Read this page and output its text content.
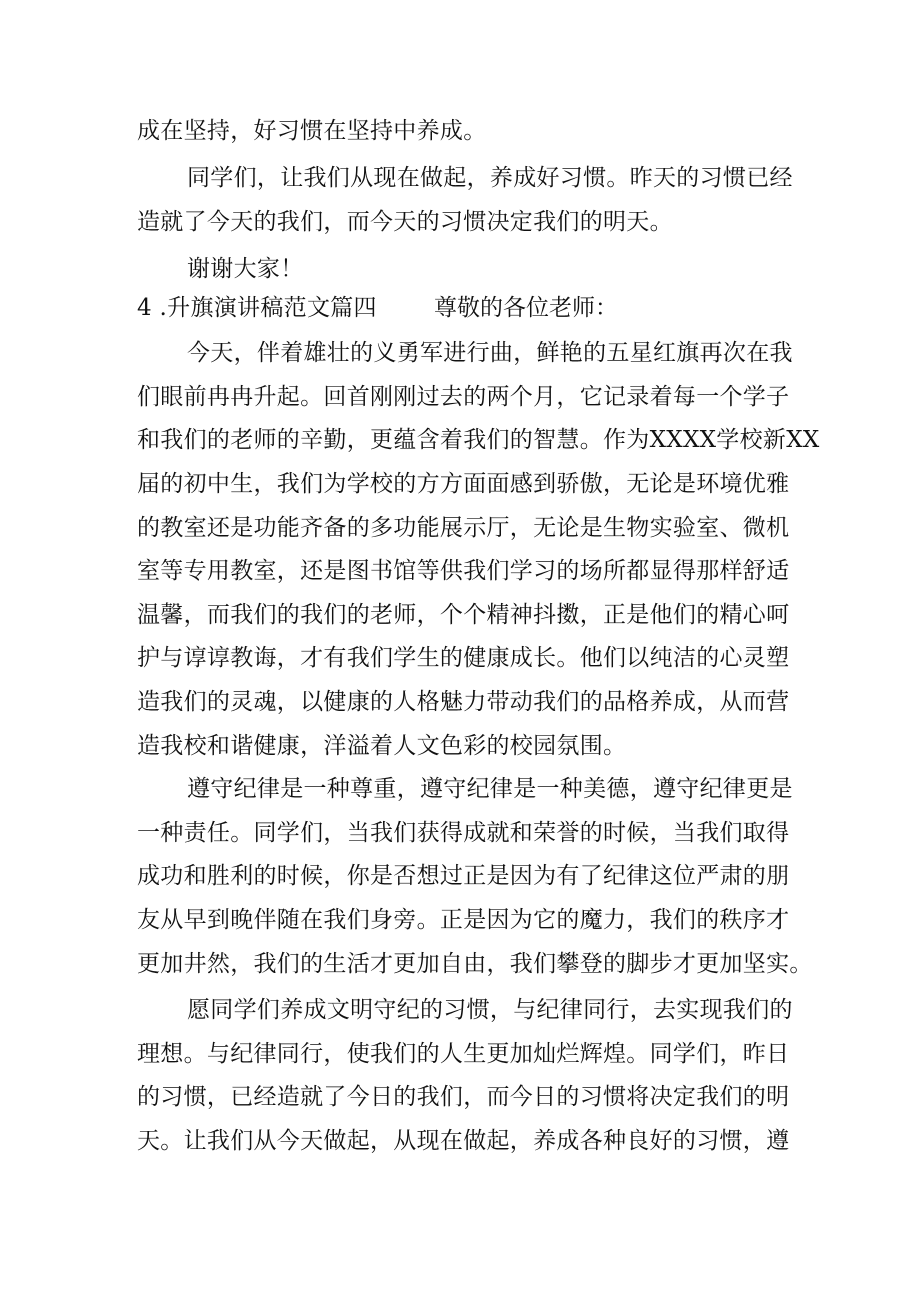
成在坚持，好习惯在坚持中养成。
同学们，让我们从现在做起，养成好习惯。昨天的习惯已经
造就了今天的我们，而今天的习惯决定我们的明天。
谢谢大家！
4 .升旗演讲稿范文篇四	尊敬的各位老师：
今天，伴着雄壮的义勇军进行曲，鲜艳的五星红旗再次在我
们眼前冉冉升起。回首刚刚过去的两个月，它记录着每一个学子
和我们的老师的辛勤，更蕴含着我们的智慧。作为XXXX学校新XX
届的初中生，我们为学校的方方面面感到骄傲，无论是环境优雅
的教室还是功能齐备的多功能展示厅，无论是生物实验室、微机
室等专用教室，还是图书馆等供我们学习的场所都显得那样舒适
温馨，而我们的我们的老师，个个精神抖擞，正是他们的精心呵
护与谆谆教诲，才有我们学生的健康成长。他们以纯洁的心灵塑
造我们的灵魂，以健康的人格魅力带动我们的品格养成，从而营
造我校和谐健康，洋溢着人文色彩的校园氛围。
遵守纪律是一种尊重，遵守纪律是一种美德，遵守纪律更是
一种责任。同学们，当我们获得成就和荣誉的时候，当我们取得
成功和胜利的时候，你是否想过正是因为有了纪律这位严肃的朋
友从早到晚伴随在我们身旁。正是因为它的魔力，我们的秩序才
更加井然，我们的生活才更加自由，我们攀登的脚步才更加坚实。
愿同学们养成文明守纪的习惯，与纪律同行，去实现我们的
理想。与纪律同行，使我们的人生更加灿烂辉煌。同学们，昨日
的习惯，已经造就了今日的我们，而今日的习惯将决定我们的明
天。让我们从今天做起，从现在做起，养成各种良好的习惯，遵
